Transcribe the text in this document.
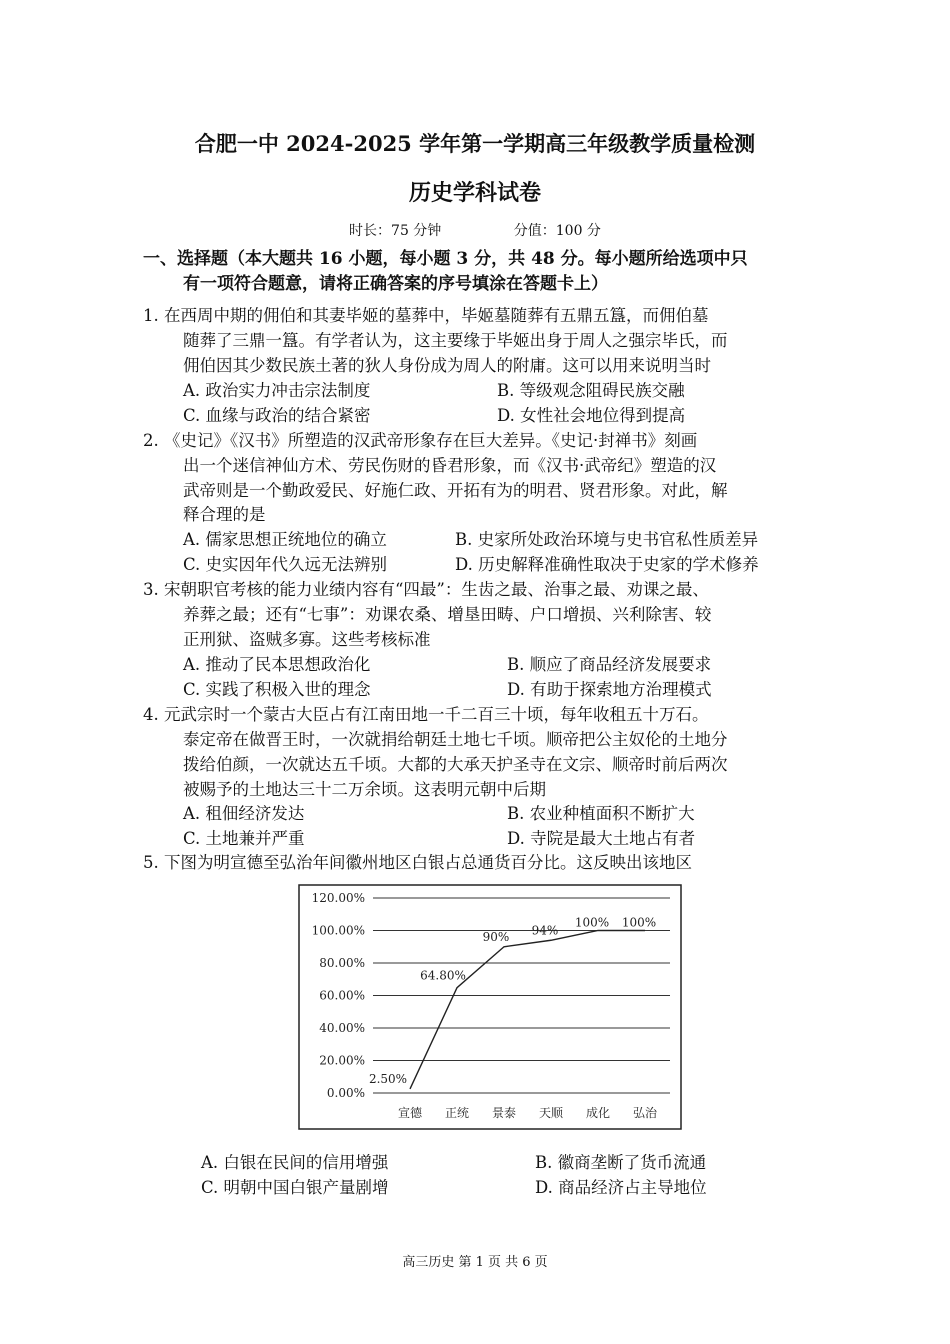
合肥一中 2024-2025 学年第一学期高三年级教学质量检测
历史学科试卷
时长：75 分钟	分值：100 分
一、选择题（本大题共 16 小题，每小题 3 分，共 48 分。每小题所给选项中只
有一项符合题意，请将正确答案的序号填涂在答题卡上）
1. 在西周中期的佣伯和其妻毕姬的墓葬中，毕姬墓随葬有五鼎五簋，而佣伯墓
随葬了三鼎一簋。有学者认为，这主要缘于毕姬出身于周人之强宗毕氏，而
佣伯因其少数民族土著的狄人身份成为周人的附庸。这可以用来说明当时
A. 政治实力冲击宗法制度	B. 等级观念阻碍民族交融
C. 血缘与政治的结合紧密	D. 女性社会地位得到提高
2. 《史记》《汉书》所塑造的汉武帝形象存在巨大差异。《史记·封禅书》刻画
出一个迷信神仙方术、劳民伤财的昏君形象，而《汉书·武帝纪》塑造的汉
武帝则是一个勤政爱民、好施仁政、开拓有为的明君、贤君形象。对此，解
释合理的是
A. 儒家思想正统地位的确立	B. 史家所处政治环境与史书官私性质差异
C. 史实因年代久远无法辨别	D. 历史解释准确性取决于史家的学术修养
3. 宋朝职官考核的能力业绩内容有“四最”：生齿之最、治事之最、劝课之最、
养葬之最；还有“七事”：劝课农桑、增垦田畴、户口增损、兴利除害、较
正刑狱、盗贼多寡。这些考核标准
A. 推动了民本思想政治化	B. 顺应了商品经济发展要求
C. 实践了积极入世的理念	D. 有助于探索地方治理模式
4. 元武宗时一个蒙古大臣占有江南田地一千二百三十顷，每年收租五十万石。
泰定帝在做晋王时，一次就捐给朝廷土地七千顷。顺帝把公主奴伦的土地分
拨给伯颜，一次就达五千顷。大都的大承天护圣寺在文宗、顺帝时前后两次
被赐予的土地达三十二万余顷。这表明元朝中后期
A. 租佃经济发达	B. 农业种植面积不断扩大
C. 土地兼并严重	D. 寺院是最大土地占有者
5. 下图为明宣德至弘治年间徽州地区白银占总通货百分比。这反映出该地区
0.00%
20.00%
40.00%
60.00%
80.00%
100.00%
120.00%
宣德 正统 景泰 天顺 成化 弘治
2.50%
64.80%
90% 94%
100% 100%
A. 白银在民间的信用增强	B. 徽商垄断了货币流通
C. 明朝中国白银产量剧增	D. 商品经济占主导地位
高三历史 第 1 页 共 6 页
